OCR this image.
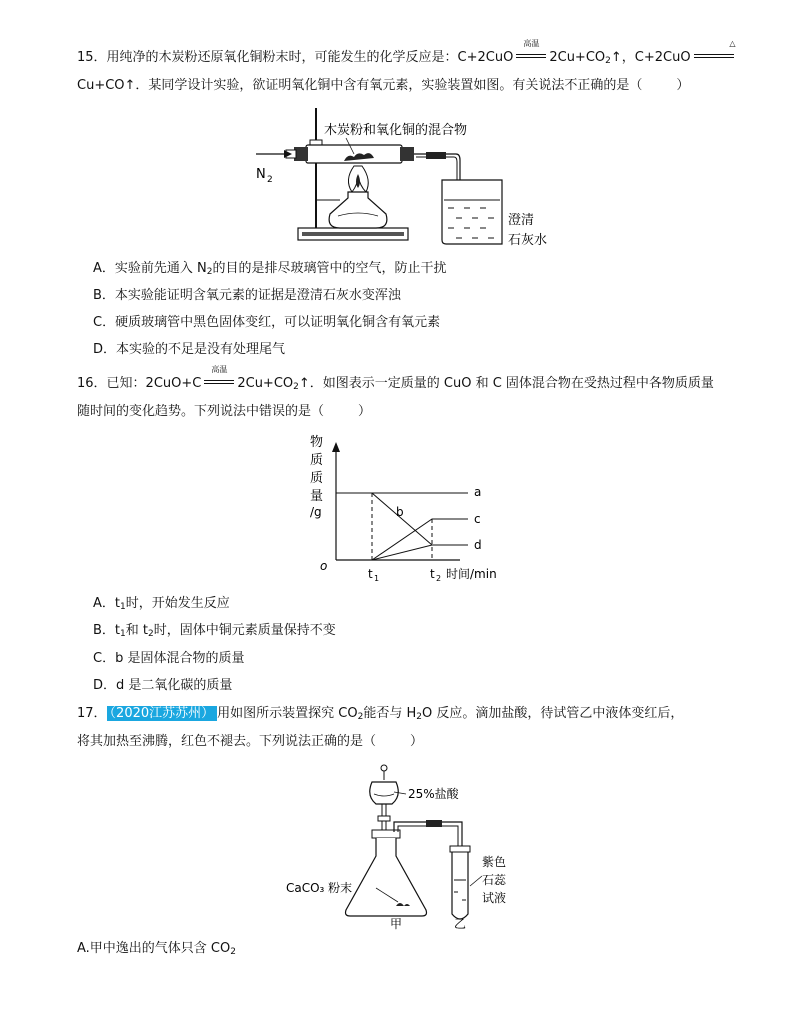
15．用纯净的木炭粉还原氧化铜粉末时，可能发生的化学反应是：C+2CuO
高温
$2Cu+CO_2↑$，C+2CuO
△
Cu+CO↑．某同学设计实验，欲证明氧化铜中含有氧元素，实验装置如图。有关说法不正确的是（	）
N 2
木炭粉和氧化铜的混合物
澄清
石灰水
A．实验前先通入 $N_2$的目的是排尽玻璃管中的空气，防止干扰
B．本实验能证明含氧元素的证据是澄清石灰水变浑浊
C．硬质玻璃管中黑色固体变红，可以证明氧化铜含有氧元素
D．本实验的不足是没有处理尾气
16．已知：2CuO+C
高温
$2Cu+CO_2↑$．如图表示一定质量的 CuO 和 C 固体混合物在受热过程中各物质质量
随时间的变化趋势。下列说法中错误的是（	）
物
质
质
量
/g
a
b	c
d
o
t 1	t 2 时间/min
A．$t_1$时，开始发生反应
B．$t_1$和 $t_2$时，固体中铜元素质量保持不变
C．b 是固体混合物的质量
D．d 是二氧化碳的质量
17． （2020江苏苏州） 用如图所示装置探究 $CO_2$能否与 $H_2O$ 反应。滴加盐酸，待试管乙中液体变红后，
将其加热至沸腾，红色不褪去。下列说法正确的是（	）
25%盐酸
CaCO₃ 粉末
紫色
石蕊
试液
甲	乙
A.甲中逸出的气体只含 $CO_2$
